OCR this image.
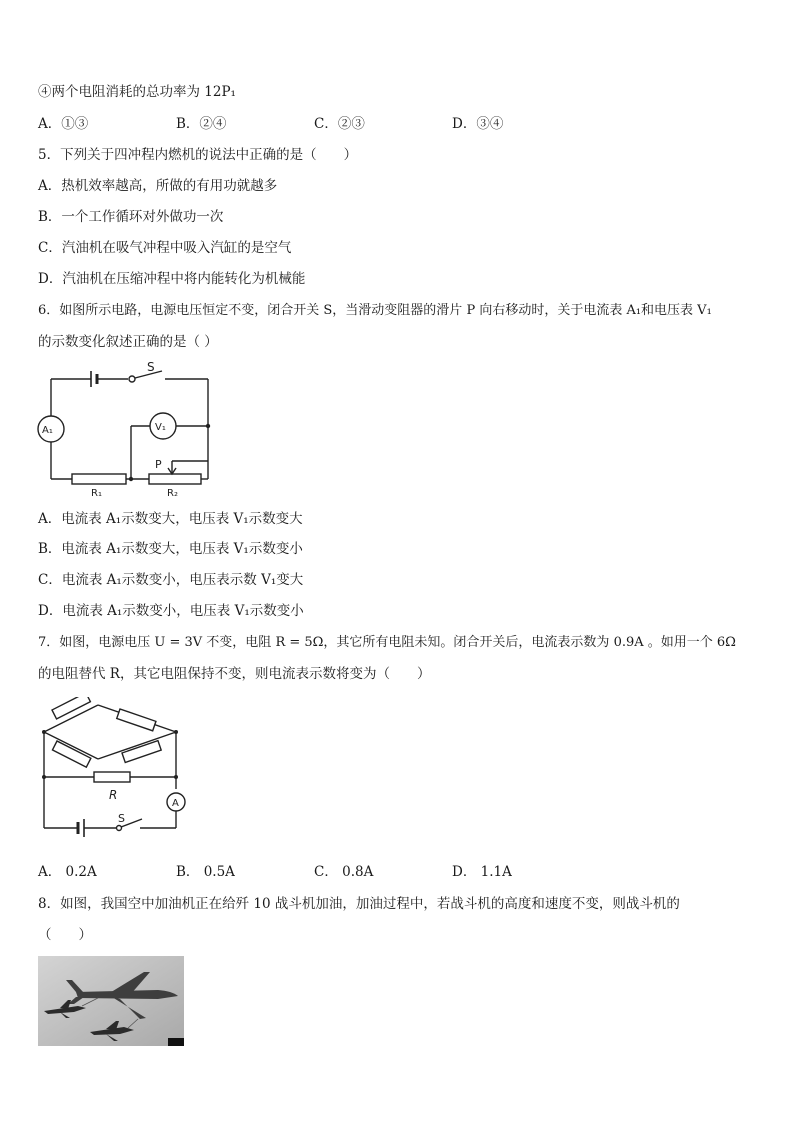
④两个电阻消耗的总功率为 12P₁
A．①③	B．②④	C．②③	D．③④
5．下列关于四冲程内燃机的说法中正确的是（　　）
A．热机效率越高，所做的有用功就越多
B．一个工作循环对外做功一次
C．汽油机在吸气冲程中吸入汽缸的是空气
D．汽油机在压缩冲程中将内能转化为机械能
6．如图所示电路，电源电压恒定不变，闭合开关 S，当滑动变阻器的滑片 P 向右移动时，关于电流表 A₁和电压表 V₁
的示数变化叙述正确的是（ ）
S
A₁	V₁
P
R₁	R₂
A．电流表 A₁示数变大，电压表 V₁示数变大
B．电流表 A₁示数变大，电压表 V₁示数变小
C．电流表 A₁示数变小，电压表示数 V₁变大
D．电流表 A₁示数变小，电压表 V₁示数变小
7．如图，电源电压 U = 3V 不变，电阻 R = 5Ω，其它所有电阻未知。闭合开关后，电流表示数为 0.9A 。如用一个 6Ω
的电阻替代 R，其它电阻保持不变，则电流表示数将变为（　　）
R
A
S
A． 0.2A	B． 0.5A	C． 0.8A	D． 1.1A
8．如图，我国空中加油机正在给歼 10 战斗机加油，加油过程中，若战斗机的高度和速度不变，则战斗机的
（　　）
